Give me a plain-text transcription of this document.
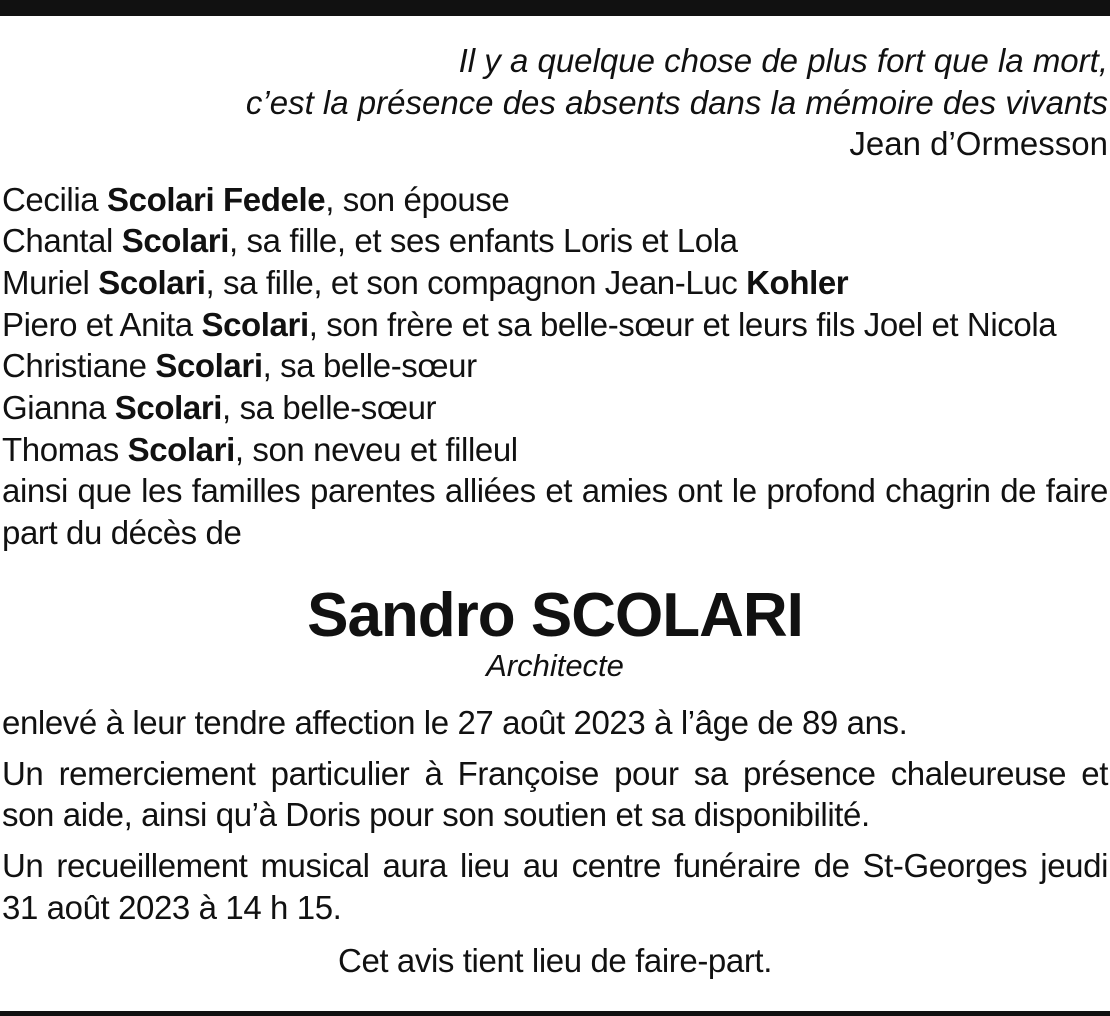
Il y a quelque chose de plus fort que la mort,
c’est la présence des absents dans la mémoire des vivants
Jean d’Ormesson
Cecilia Scolari Fedele, son épouse
Chantal Scolari, sa fille, et ses enfants Loris et Lola
Muriel Scolari, sa fille, et son compagnon Jean-Luc Kohler
Piero et Anita Scolari, son frère et sa belle-sœur et leurs fils Joel et Nicola
Christiane Scolari, sa belle-sœur
Gianna Scolari, sa belle-sœur
Thomas Scolari, son neveu et filleul
ainsi que les familles parentes alliées et amies ont le profond chagrin de faire part du décès de
Sandro SCOLARI
Architecte
enlevé à leur tendre affection le 27 août 2023 à l’âge de 89 ans.
Un remerciement particulier à Françoise pour sa présence chaleureuse et son aide, ainsi qu’à Doris pour son soutien et sa disponibilité.
Un recueillement musical aura lieu au centre funéraire de St-Georges jeudi 31 août 2023 à 14 h 15.
Cet avis tient lieu de faire-part.
